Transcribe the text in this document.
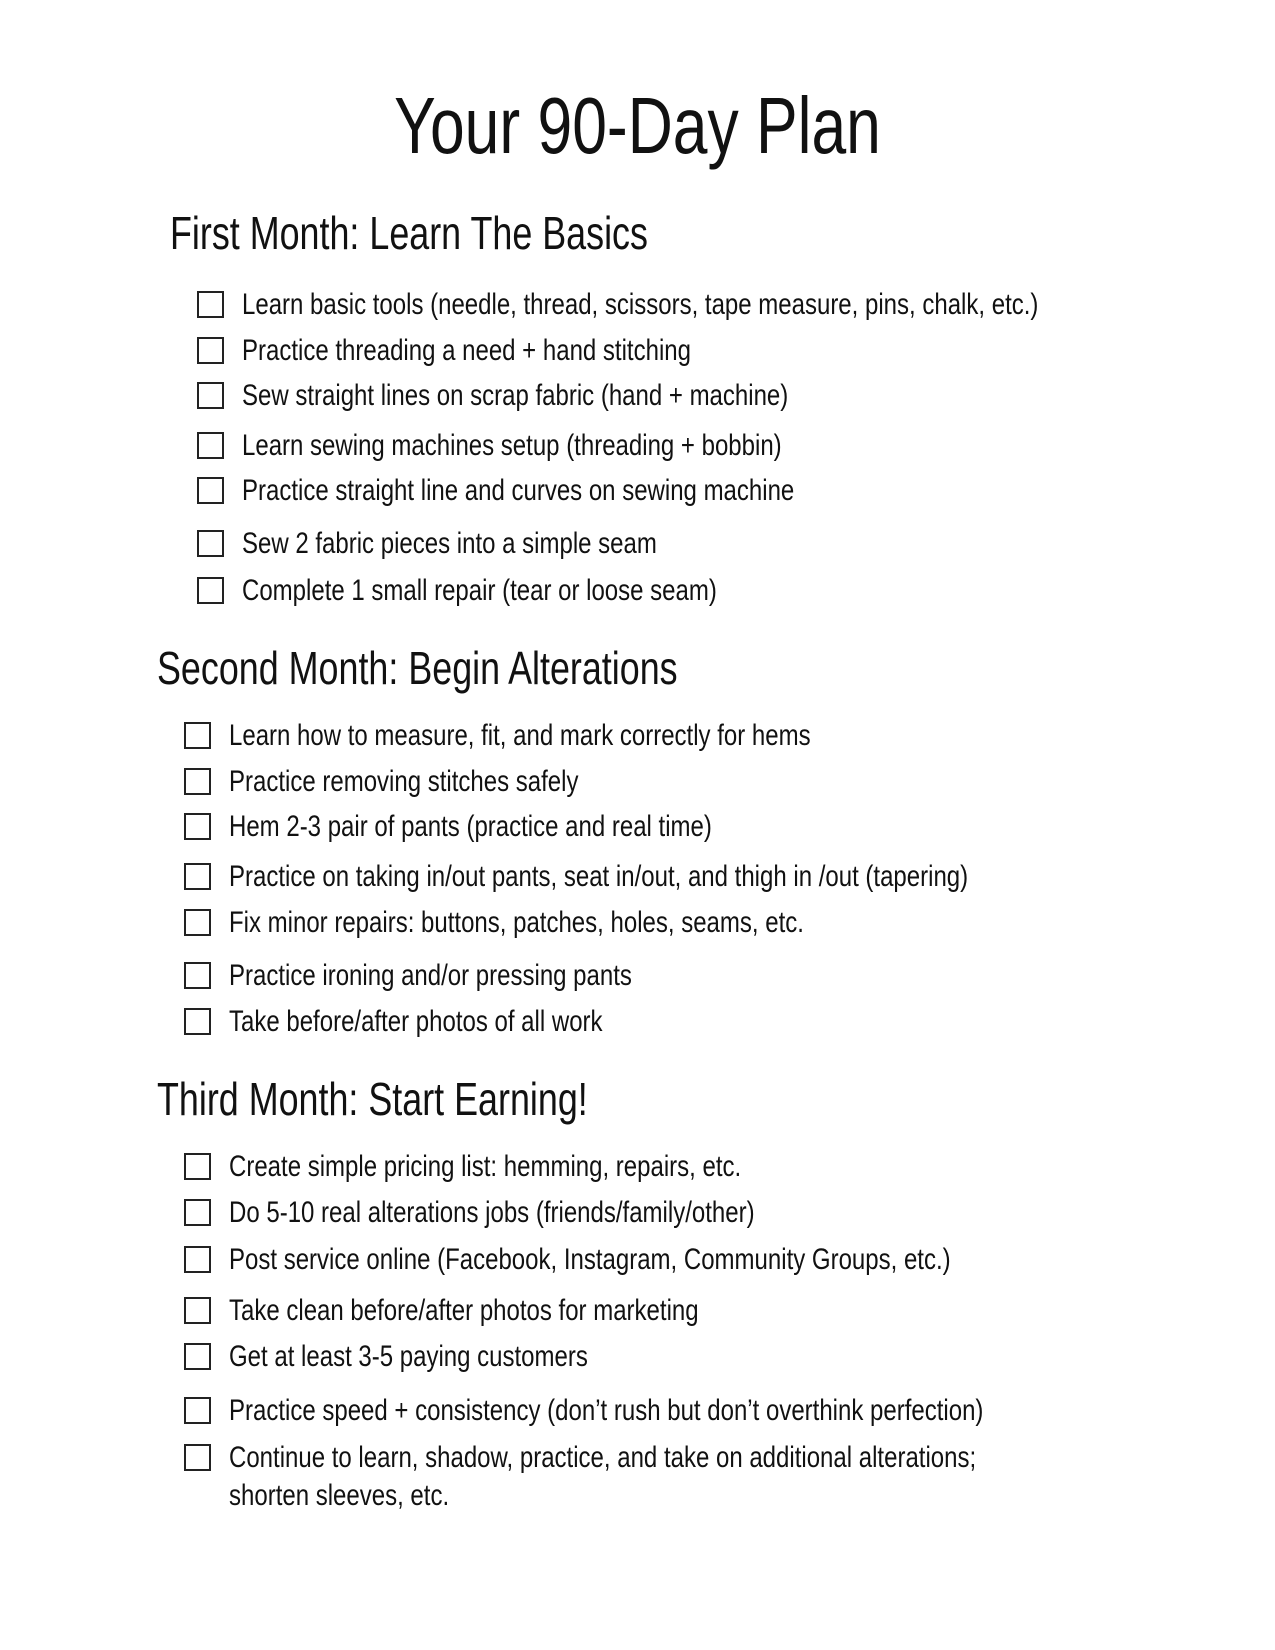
Your 90-Day Plan
First Month: Learn The Basics
Learn basic tools (needle, thread, scissors, tape measure, pins, chalk, etc.)
Practice threading a need + hand stitching
Sew straight lines on scrap fabric (hand + machine)
Learn sewing machines setup (threading + bobbin)
Practice straight line and curves on sewing machine
Sew 2 fabric pieces into a simple seam
Complete 1 small repair (tear or loose seam)
Second Month: Begin Alterations
Learn how to measure, fit, and mark correctly for hems
Practice removing stitches safely
Hem 2-3 pair of pants (practice and real time)
Practice on taking in/out pants, seat in/out, and thigh in /out (tapering)
Fix minor repairs: buttons, patches, holes, seams, etc.
Practice ironing and/or pressing pants
Take before/after photos of all work
Third Month: Start Earning!
Create simple pricing list: hemming, repairs, etc.
Do 5-10 real alterations jobs (friends/family/other)
Post service online (Facebook, Instagram, Community Groups, etc.)
Take clean before/after photos for marketing
Get at least 3-5 paying customers
Practice speed + consistency (don’t rush but don’t overthink perfection)
Continue to learn, shadow, practice, and take on additional alterations; shorten sleeves, etc.
